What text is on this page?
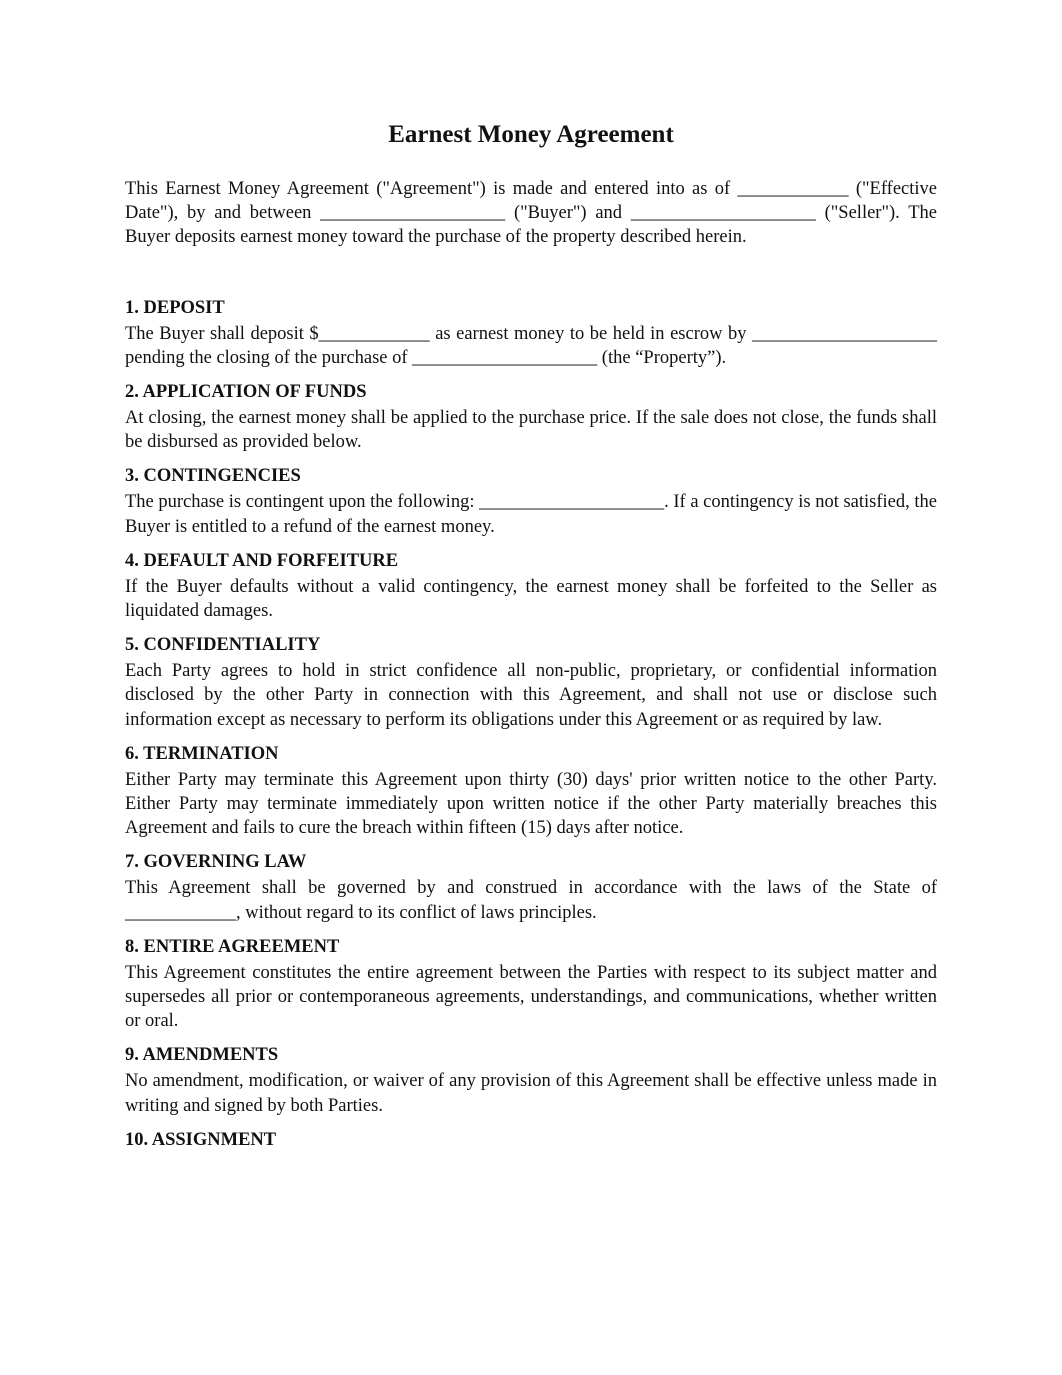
Earnest Money Agreement

This Earnest Money Agreement ("Agreement") is made and entered into as of ____________ ("Effective Date"), by and between ____________________ ("Buyer") and ____________________ ("Seller"). The Buyer deposits earnest money toward the purchase of the property described herein.

1. DEPOSIT

The Buyer shall deposit $____________ as earnest money to be held in escrow by ____________________ pending the closing of the purchase of ____________________ (the “Property”).

2. APPLICATION OF FUNDS

At closing, the earnest money shall be applied to the purchase price. If the sale does not close, the funds shall be disbursed as provided below.

3. CONTINGENCIES

The purchase is contingent upon the following: ____________________. If a contingency is not satisfied, the Buyer is entitled to a refund of the earnest money.

4. DEFAULT AND FORFEITURE

If the Buyer defaults without a valid contingency, the earnest money shall be forfeited to the Seller as liquidated damages.

5. CONFIDENTIALITY

Each Party agrees to hold in strict confidence all non-public, proprietary, or confidential information disclosed by the other Party in connection with this Agreement, and shall not use or disclose such information except as necessary to perform its obligations under this Agreement or as required by law.

6. TERMINATION

Either Party may terminate this Agreement upon thirty (30) days' prior written notice to the other Party. Either Party may terminate immediately upon written notice if the other Party materially breaches this Agreement and fails to cure the breach within fifteen (15) days after notice.

7. GOVERNING LAW

This Agreement shall be governed by and construed in accordance with the laws of the State of ____________, without regard to its conflict of laws principles.

8. ENTIRE AGREEMENT

This Agreement constitutes the entire agreement between the Parties with respect to its subject matter and supersedes all prior or contemporaneous agreements, understandings, and communications, whether written or oral.

9. AMENDMENTS

No amendment, modification, or waiver of any provision of this Agreement shall be effective unless made in writing and signed by both Parties.

10. ASSIGNMENT
